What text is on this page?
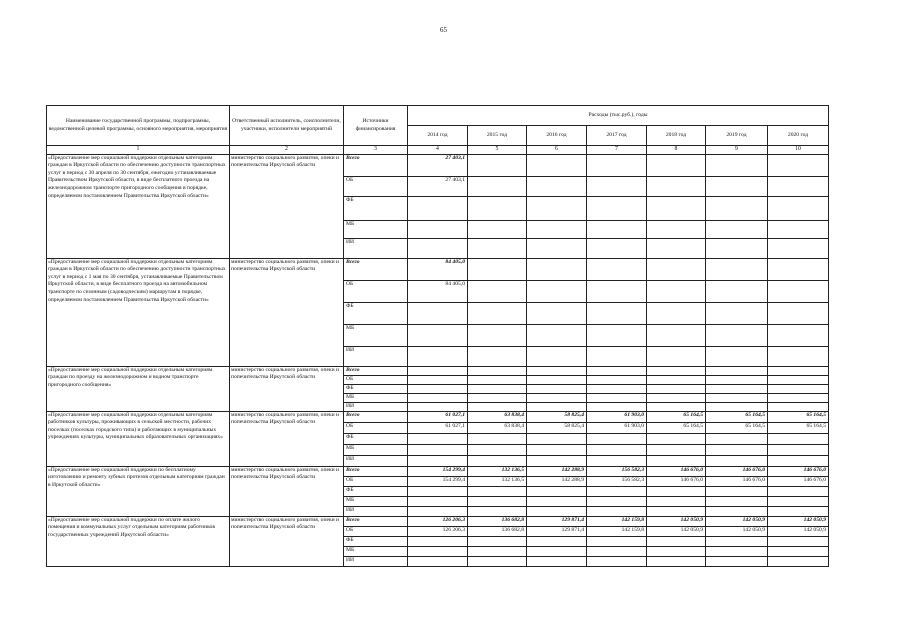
65
Наименование государственной программы, подпрограммы, ведомственной целевой программы, основного мероприятия, мероприятия	Ответственный исполнитель, соисполнители, участники, исполнители мероприятий	Источники финансирования	Расходы (тыс.руб.), годы						
			2014 год	2015 год	2016 год	2017 год	2018 год	2019 год	2020 год
1	2	3	4	5	6	7	8	9	10
«Предоставление мер социальной поддержки отдельным категориям граждан в Иркутской области по обеспечению доступности транспортных услуг в период с 30 апреля по 30 сентября, ежегодно устанавливаемые Правительством Иркутской области, в виде бесплатного проезда на железнодорожном транспорте пригородного сообщения в порядке, определяемом постановлением Правительства Иркутской области»	министерство социального развития, опеки и попечительства Иркутской области	Всего	27 403,1						
		ОБ	27 403,1						
		ФБ							
		МБ							
		ИИ							
«Предоставление мер социальной поддержки отдельным категориям граждан в Иркутской области по обеспечению доступности транспортных услуг в период с 1 мая по 30 сентября, устанавливаемые Правительством Иркутской области, в виде бесплатного проезда на автомобильном транспорте по сезонным (садоводческим) маршрутам в порядке, определяемом постановлением Правительства Иркутской области»	министерство социального развития, опеки и попечительства Иркутской области	Всего	84 405,0						
		ОБ	84 405,0						
		ФБ							
		МБ							
		ИИ							
«Предоставление мер социальной поддержки отдельным категориям граждан по проезду на железнодорожном и водном транспорте пригородного сообщения»	министерство социального развития, опеки и попечительства Иркутской области	Всего							
		ОБ							
		ФБ							
		МБ							
		ИИ							
«Предоставление мер социальной поддержки отдельным категориям работников культуры, проживающих в сельской местности, рабочих поселках (поселках городского типа) и работающих в муниципальных учреждениях культуры, муниципальных образовательных организациях»	министерство социального развития, опеки и попечительства Иркутской области	Всего	61 027,1	63 838,4	58 825,4	61 903,0	65 164,5	65 164,5	65 164,5
		ОБ	61 027,1	63 838,4	58 825,4	61 903,0	65 164,5	65 164,5	65 164,5
		ФБ							
		МБ							
		ИИ							
«Предоставление мер социальной поддержки по бесплатному изготовлению и ремонту зубных протезов отдельным категориям граждан в Иркутской области»	министерство социального развития, опеки и попечительства Иркутской области	Всего	154 299,4	132 136,5	142 288,9	156 582,3	146 676,0	146 676,0	146 676,0
		ОБ	154 299,4	132 136,5	142 288,9	156 582,3	146 676,0	146 676,0	146 676,0
		ФБ							
		МБ							
		ИИ							
«Предоставление мер социальной поддержки по оплате жилого помещения и коммунальных услуг отдельным категориям работников государственных учреждений Иркутской области»	министерство социального развития, опеки и попечительства Иркутской области	Всего	126 206,3	136 682,8	129 871,4	142 159,8	142 050,9	142 050,9	142 050,9
		ОБ	126 206,3	136 682,8	129 871,4	142 159,8	142 050,9	142 050,9	142 050,9
		ФБ							
		МБ							
		ИИ							
